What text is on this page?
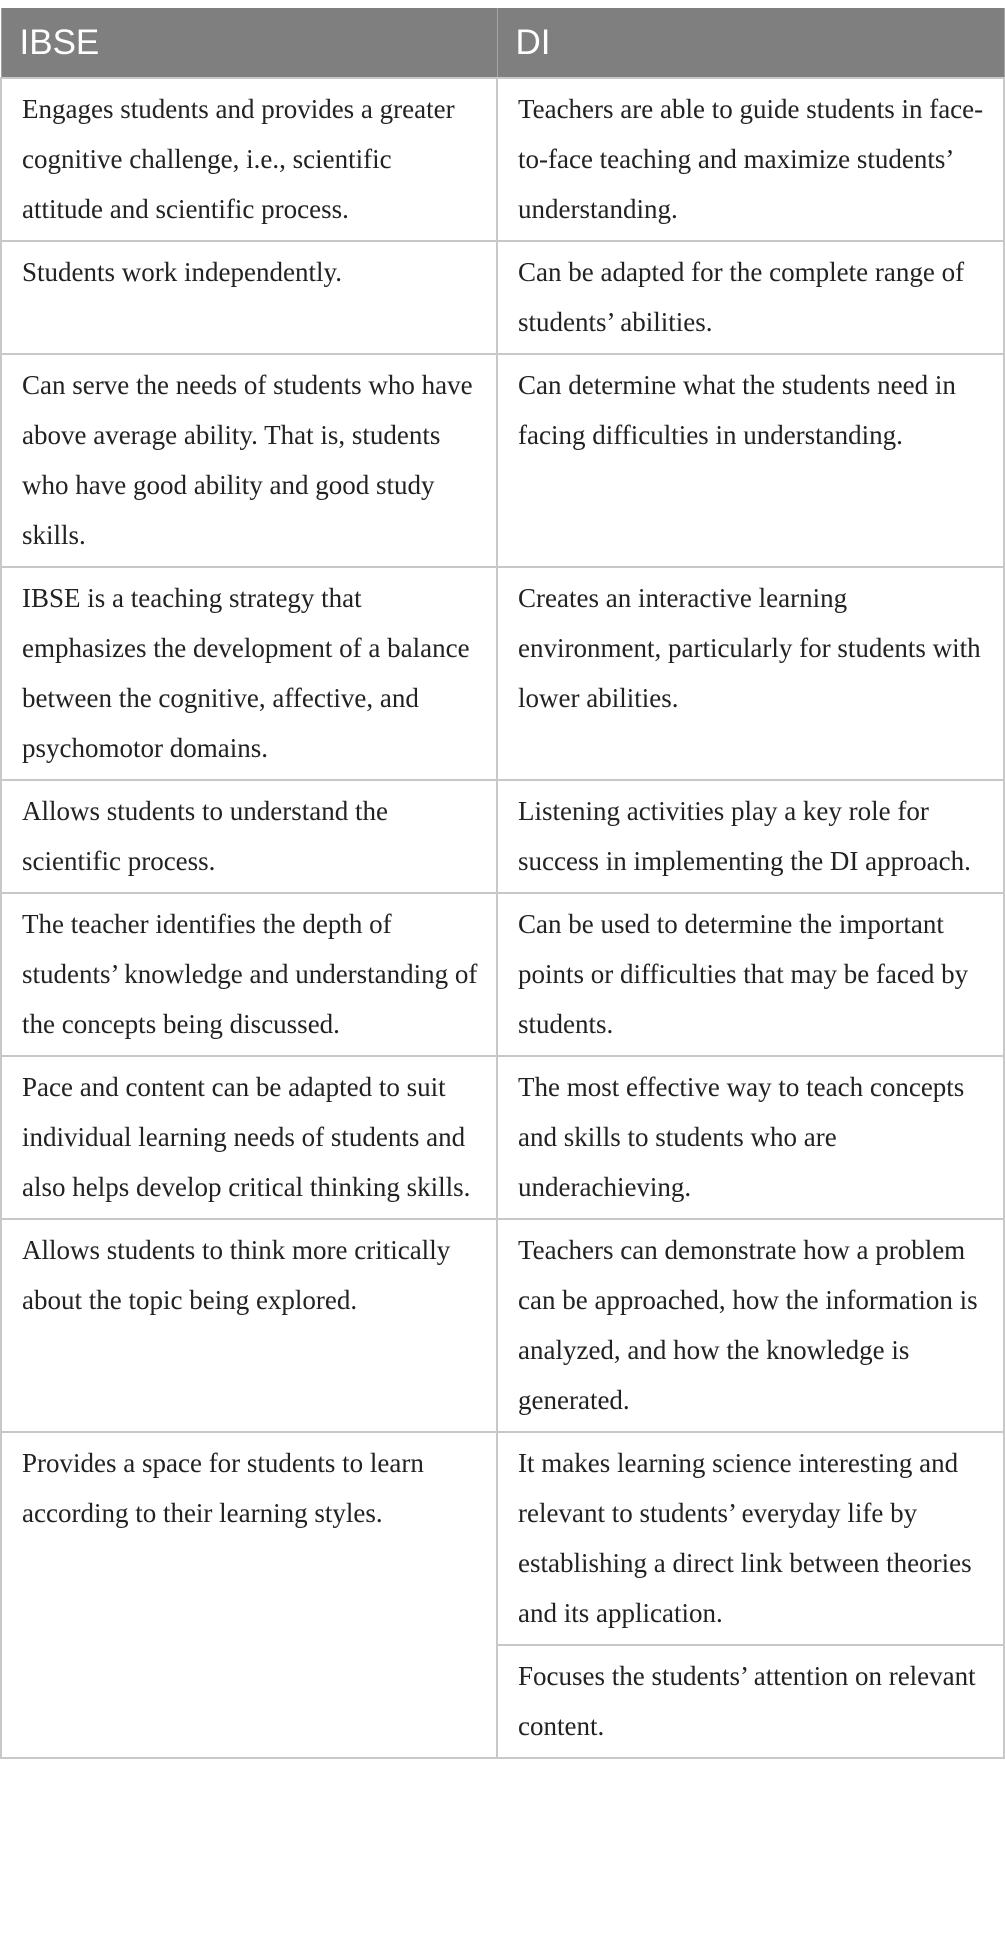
IBSE	DI
Engages students and provides a greater cognitive challenge, i.e., scientific attitude and scientific process.	Teachers are able to guide students in face-to-face teaching and maximize students’ understanding.
Students work independently.	Can be adapted for the complete range of students’ abilities.
Can serve the needs of students who have above average ability. That is, students who have good ability and good study skills.	Can determine what the students need in facing difficulties in understanding.
IBSE is a teaching strategy that emphasizes the development of a balance between the cognitive, affective, and psychomotor domains.	Creates an interactive learning environment, particularly for students with lower abilities.
Allows students to understand the scientific process.	Listening activities play a key role for success in implementing the DI approach.
The teacher identifies the depth of students’ knowledge and understanding of the concepts being discussed.	Can be used to determine the important points or difficulties that may be faced by students.
Pace and content can be adapted to suit individual learning needs of students and also helps develop critical thinking skills.	The most effective way to teach concepts and skills to students who are underachieving.
Allows students to think more critically about the topic being explored.	Teachers can demonstrate how a problem can be approached, how the information is analyzed, and how the knowledge is generated.
Provides a space for students to learn according to their learning styles.	It makes learning science interesting and relevant to students’ everyday life by establishing a direct link between theories and its application.
	Focuses the students’ attention on relevant content.
